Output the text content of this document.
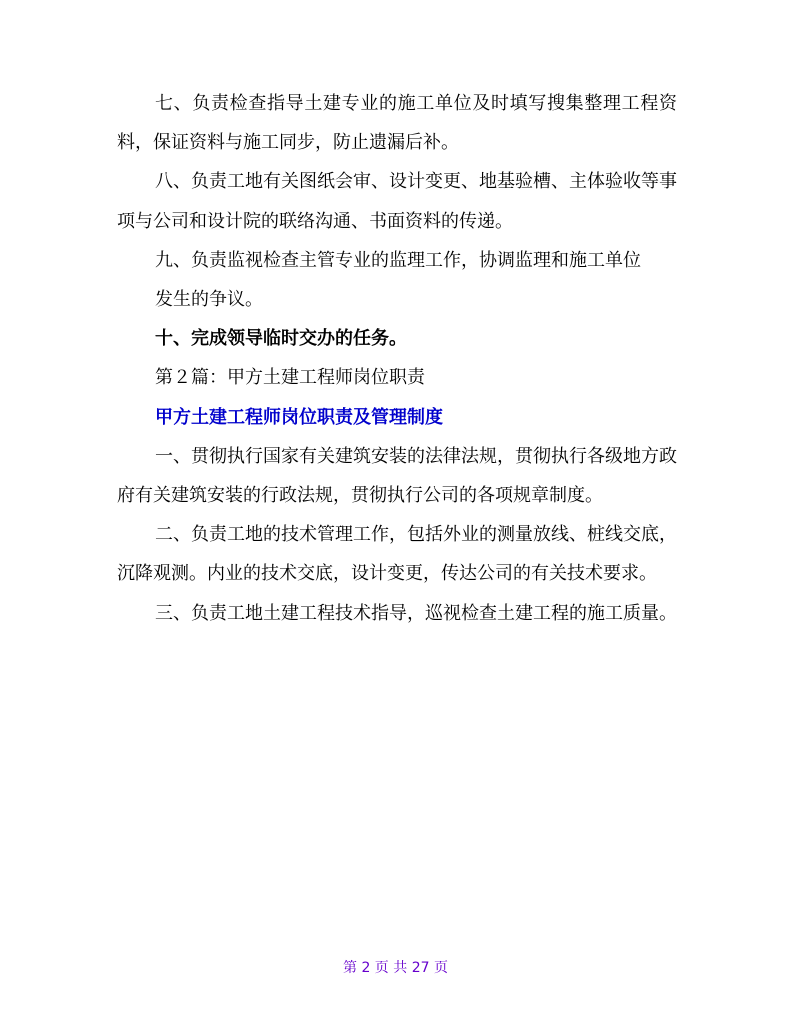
七、负责检查指导土建专业的施工单位及时填写搜集整理工程资料，保证资料与施工同步，防止遗漏后补。

八、负责工地有关图纸会审、设计变更、地基验槽、主体验收等事项与公司和设计院的联络沟通、书面资料的传递。

九、负责监视检查主管专业的监理工作，协调监理和施工单位

发生的争议。

十、完成领导临时交办的任务。

第２篇：甲方土建工程师岗位职责

甲方土建工程师岗位职责及管理制度

一、贯彻执行国家有关建筑安装的法律法规，贯彻执行各级地方政府有关建筑安装的行政法规，贯彻执行公司的各项规章制度。

二、负责工地的技术管理工作，包括外业的测量放线、桩线交底，沉降观测。内业的技术交底，设计变更，传达公司的有关技术要求。

三、负责工地土建工程技术指导，巡视检查土建工程的施工质量。

第 2 页 共 27 页
